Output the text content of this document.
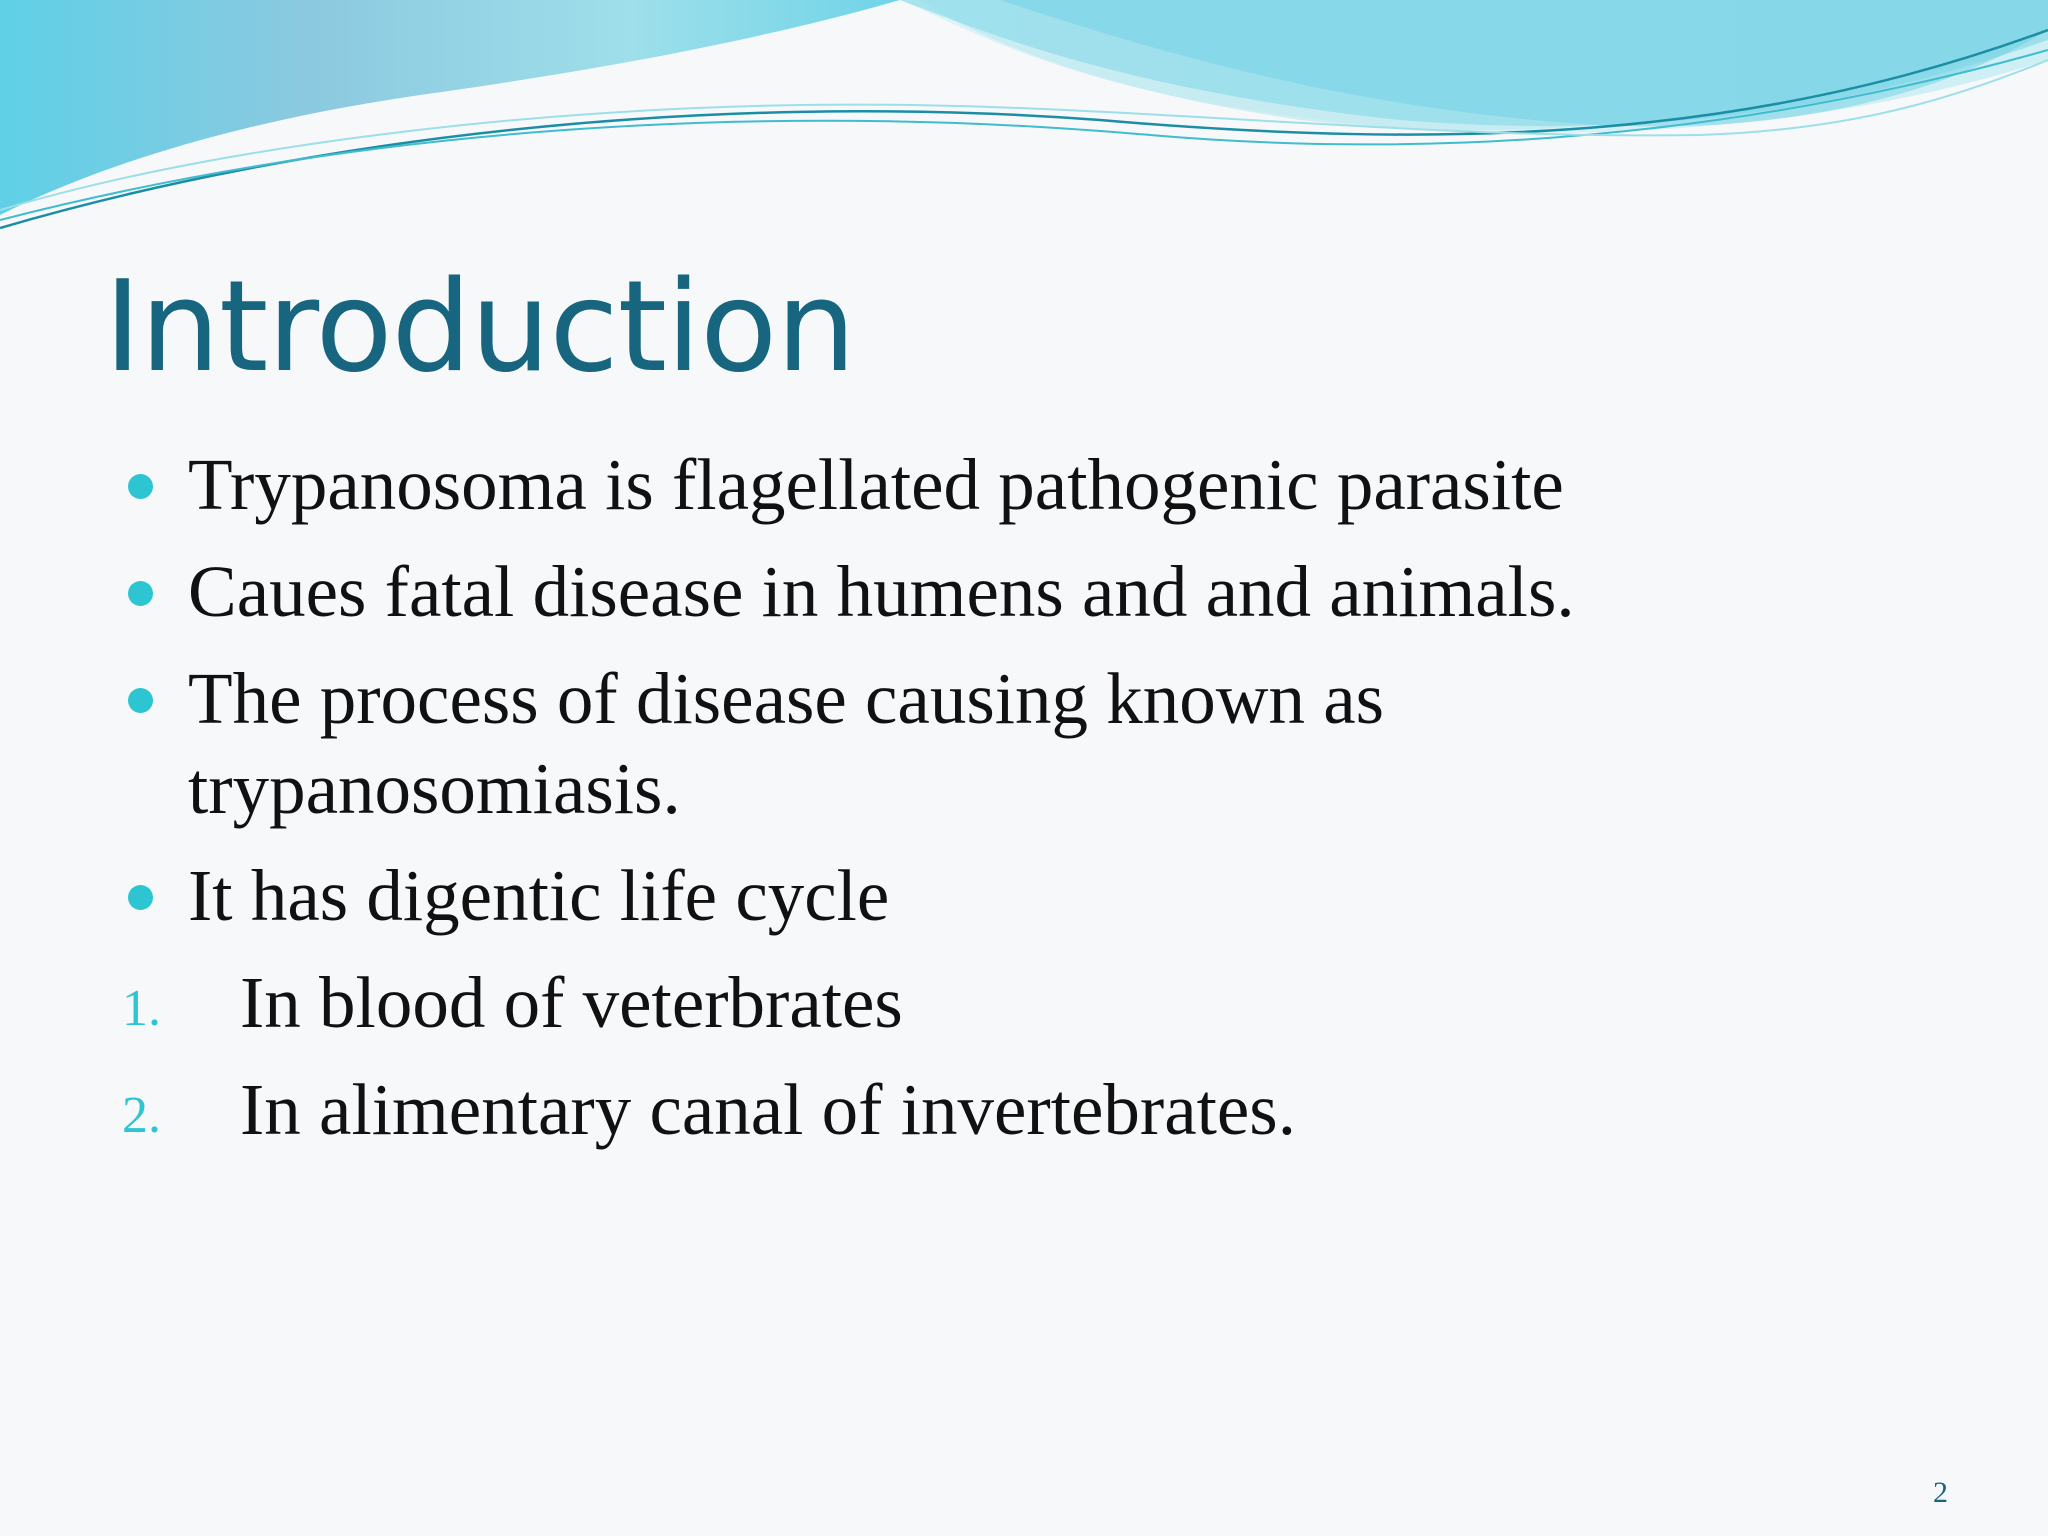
Introduction
Trypanosoma is flagellated pathogenic parasite
Caues fatal disease in humens and and animals.
The process of disease causing known as trypanosomiasis.
It has digentic life cycle
1. In blood of veterbrates
2. In alimentary canal of invertebrates.
2
